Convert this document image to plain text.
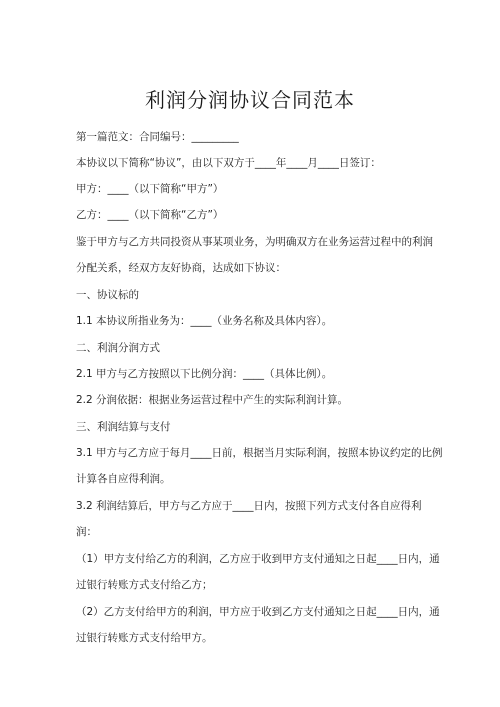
利润分润协议合同范本
第一篇范文：合同编号：_________
本协议以下简称“协议”，由以下双方于____年____月____日签订：
甲方：____（以下简称“甲方”）
乙方：____（以下简称“乙方”）
鉴于甲方与乙方共同投资从事某项业务，为明确双方在业务运营过程中的利润
分配关系，经双方友好协商，达成如下协议：
一、协议标的
1.1 本协议所指业务为：____（业务名称及具体内容）。
二、利润分润方式
2.1 甲方与乙方按照以下比例分润：____（具体比例）。
2.2 分润依据：根据业务运营过程中产生的实际利润计算。
三、利润结算与支付
3.1 甲方与乙方应于每月____日前，根据当月实际利润，按照本协议约定的比例
计算各自应得利润。
3.2 利润结算后，甲方与乙方应于____日内，按照下列方式支付各自应得利
润：
（1）甲方支付给乙方的利润，乙方应于收到甲方支付通知之日起____日内，通
过银行转账方式支付给乙方；
（2）乙方支付给甲方的利润，甲方应于收到乙方支付通知之日起____日内，通
过银行转账方式支付给甲方。
